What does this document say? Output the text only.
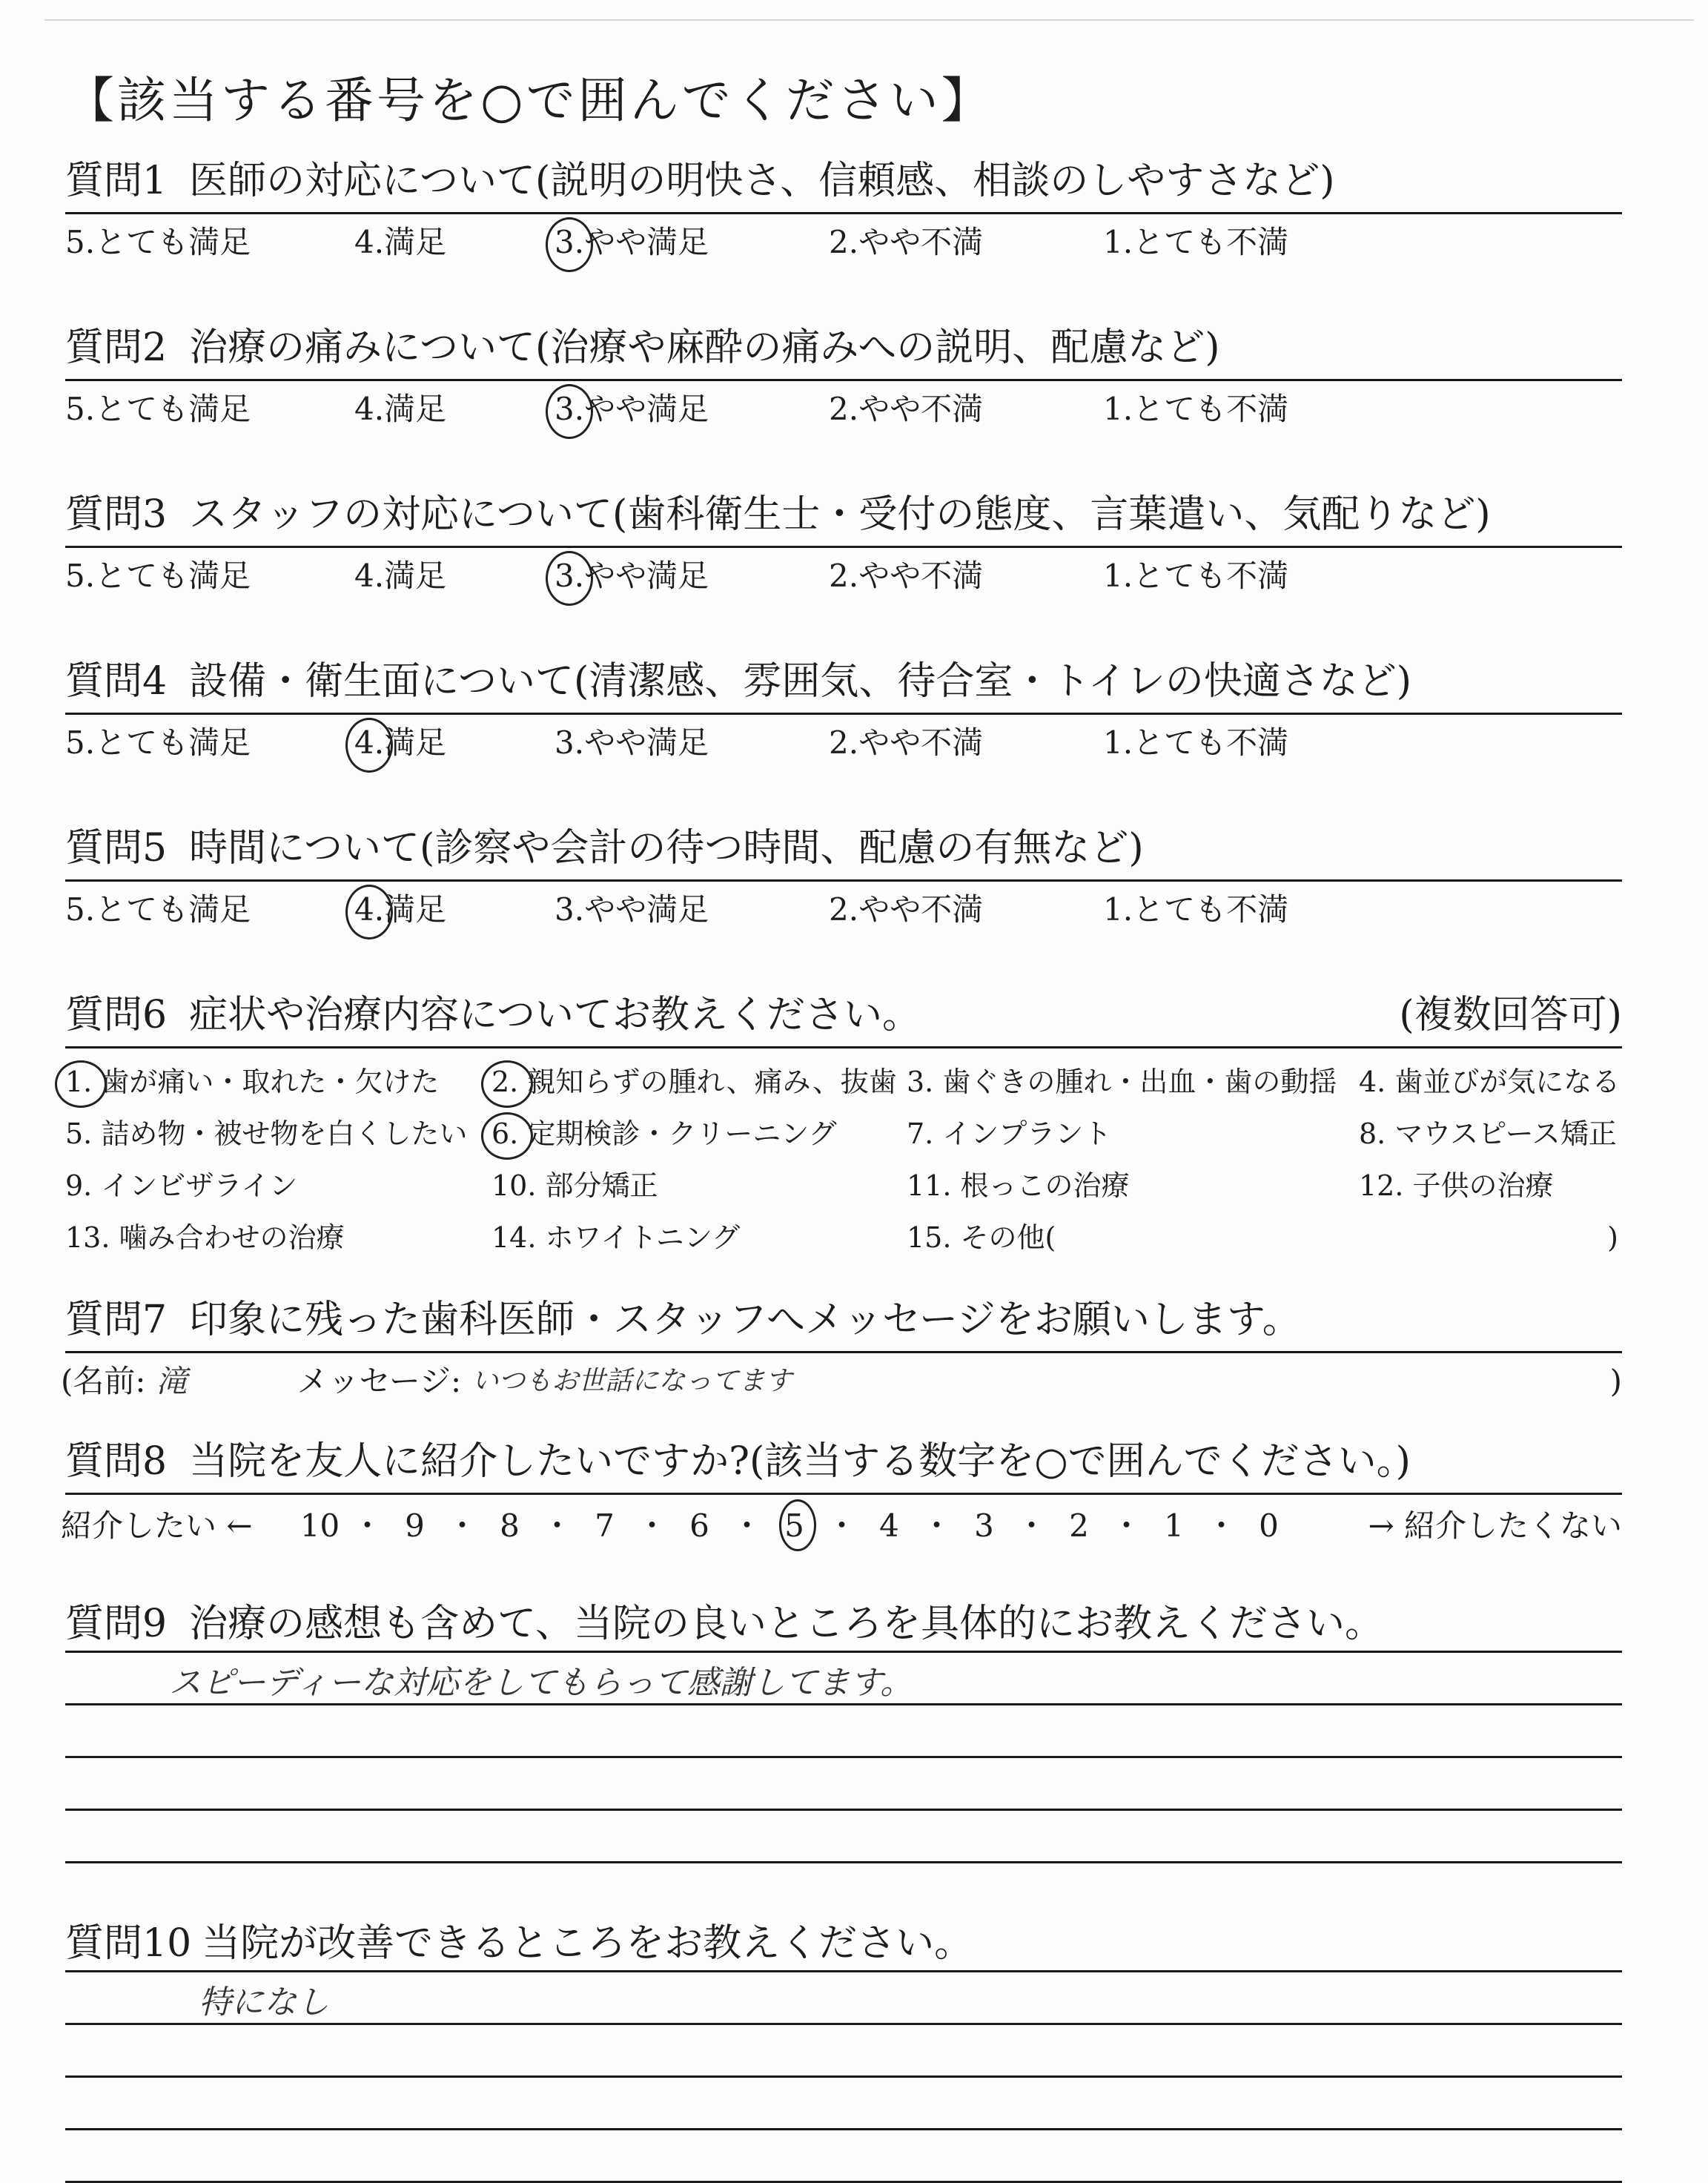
【該当する番号を○で囲んでください】
質問1 医師の対応について(説明の明快さ、信頼感、相談のしやすさなど)
5.とても満足	4.満足	3.やや満足	2.やや不満	1.とても不満
質問2 治療の痛みについて(治療や麻酔の痛みへの説明、配慮など)
5.とても満足	4.満足	3.やや満足	2.やや不満	1.とても不満
質問3 スタッフの対応について(歯科衛生士・受付の態度、言葉遣い、気配りなど)
5.とても満足	4.満足	3.やや満足	2.やや不満	1.とても不満
質問4 設備・衛生面について(清潔感、雰囲気、待合室・トイレの快適さなど)
5.とても満足	4.満足	3.やや満足	2.やや不満	1.とても不満
質問5 時間について(診察や会計の待つ時間、配慮の有無など)
5.とても満足	4.満足	3.やや満足	2.やや不満	1.とても不満
質問6 症状や治療内容についてお教えください。	(複数回答可)
1. 歯が痛い・取れた・欠けた	2. 親知らずの腫れ、痛み、抜歯 3. 歯ぐきの腫れ・出血・歯の動揺 4. 歯並びが気になる
5. 詰め物・被せ物を白くしたい 6. 定期検診・クリーニング	7. インプラント	8. マウスピース矯正
9. インビザライン	10. 部分矯正	11. 根っこの治療	12. 子供の治療
13. 噛み合わせの治療	14. ホワイトニング	15. その他(	)
質問7 印象に残った歯科医師・スタッフへメッセージをお願いします。
(名前: 滝	メッセージ: いつもお世話になってます	)
質問8 当院を友人に紹介したいですか?(該当する数字を○で囲んでください。)
紹介したい ← 10 ・ 9 ・ 8 ・ 7 ・ 6 ・ 5 ・ 4 ・ 3 ・ 2 ・ 1 ・ 0	→ 紹介したくない
質問9 治療の感想も含めて、当院の良いところを具体的にお教えください。
スピーディーな対応をしてもらって感謝してます。
質問10 当院が改善できるところをお教えください。
特になし
